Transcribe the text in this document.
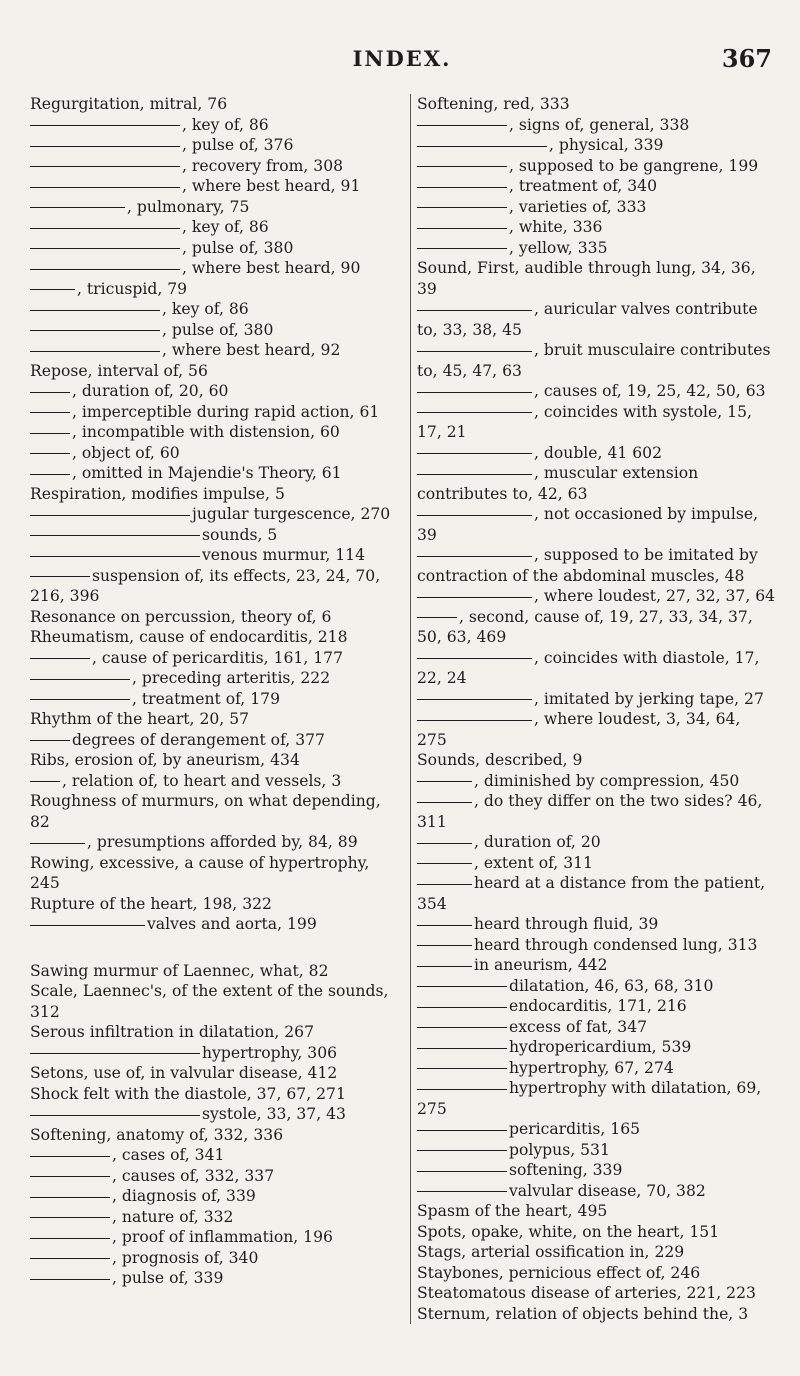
INDEX.	367
Regurgitation, mitral, 76
, key of, 86
, pulse of, 376
, recovery from, 308
, where best heard, 91
, pulmonary, 75
, key of, 86
, pulse of, 380
, where best heard, 90
, tricuspid, 79
, key of, 86
, pulse of, 380
, where best heard, 92
Repose, interval of, 56
, duration of, 20, 60
, imperceptible during rapid action, 61
, incompatible with distension, 60
, object of, 60
, omitted in Majendie's Theory, 61
Respiration, modifies impulse, 5
jugular turgescence, 270
sounds, 5
venous murmur, 114
suspension of, its effects, 23, 24, 70, 216, 396
Resonance on percussion, theory of, 6
Rheumatism, cause of endocarditis, 218
, cause of pericarditis, 161, 177
, preceding arteritis, 222
, treatment of, 179
Rhythm of the heart, 20, 57
degrees of derangement of, 377
Ribs, erosion of, by aneurism, 434
, relation of, to heart and vessels, 3
Roughness of murmurs, on what depending, 82
, presumptions afforded by, 84, 89
Rowing, excessive, a cause of hypertrophy, 245
Rupture of the heart, 198, 322
valves and aorta, 199
Sawing murmur of Laennec, what, 82
Scale, Laennec's, of the extent of the sounds, 312
Serous infiltration in dilatation, 267
hypertrophy, 306
Setons, use of, in valvular disease, 412
Shock felt with the diastole, 37, 67, 271
systole, 33, 37, 43
Softening, anatomy of, 332, 336
, cases of, 341
, causes of, 332, 337
, diagnosis of, 339
, nature of, 332
, proof of inflammation, 196
, prognosis of, 340
, pulse of, 339
Softening, red, 333
, signs of, general, 338
, physical, 339
, supposed to be gangrene, 199
, treatment of, 340
, varieties of, 333
, white, 336
, yellow, 335
Sound, First, audible through lung, 34, 36, 39
, auricular valves contribute to, 33, 38, 45
, bruit musculaire contributes to, 45, 47, 63
, causes of, 19, 25, 42, 50, 63
, coincides with systole, 15, 17, 21
, double, 41 602
, muscular extension contributes to, 42, 63
, not occasioned by impulse, 39
, supposed to be imitated by contraction of the abdominal muscles, 48
, where loudest, 27, 32, 37, 64
, second, cause of, 19, 27, 33, 34, 37, 50, 63, 469
, coincides with diastole, 17, 22, 24
, imitated by jerking tape, 27
, where loudest, 3, 34, 64, 275
Sounds, described, 9
, diminished by compression, 450
, do they differ on the two sides? 46, 311
, duration of, 20
, extent of, 311
heard at a distance from the patient, 354
heard through fluid, 39
heard through condensed lung, 313
in aneurism, 442
dilatation, 46, 63, 68, 310
endocarditis, 171, 216
excess of fat, 347
hydropericardium, 539
hypertrophy, 67, 274
hypertrophy with dilatation, 69, 275
pericarditis, 165
polypus, 531
softening, 339
valvular disease, 70, 382
Spasm of the heart, 495
Spots, opake, white, on the heart, 151
Stags, arterial ossification in, 229
Staybones, pernicious effect of, 246
Steatomatous disease of arteries, 221, 223
Sternum, relation of objects behind the, 3
